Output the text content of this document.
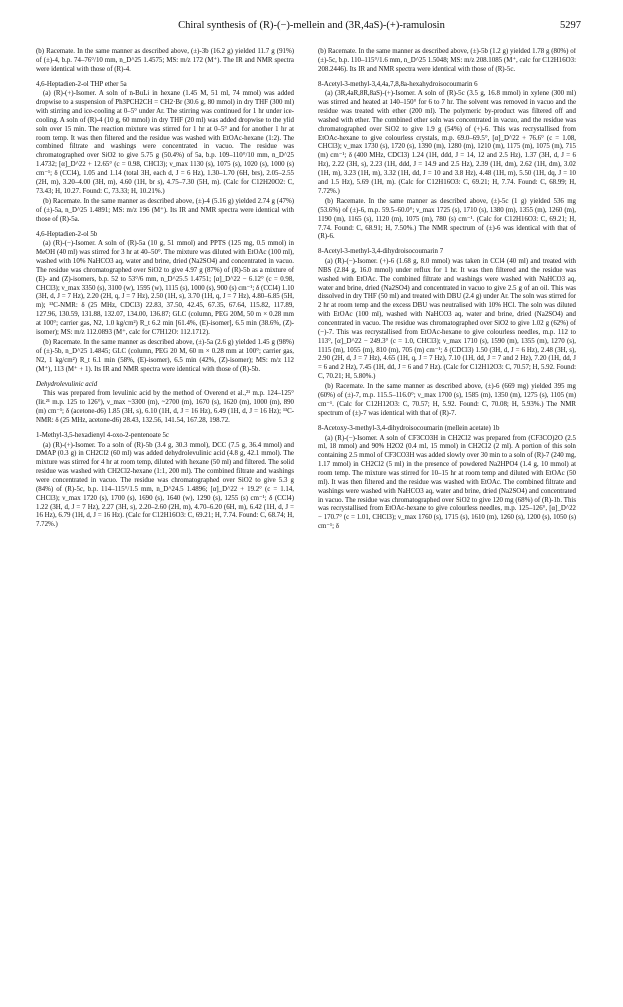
Chiral synthesis of (R)-(−)-mellein and (3R,4aS)-(+)-ramulosin	5297

(b) Racemate. In the same manner as described above, (±)-3b (16.2 g) yielded 11.7 g (91%) of (±)-4, b.p. 74–76°/10 mm, n_D^25 1.4575; MS: m/z 172 (M⁺). The IR and NMR spectra were identical with those of (R)-4.

4,6-Heptadien-2-ol THP ether 5a

(a) (R)-(+)-Isomer. A soln of n-BuLi in hexane (1.45 M, 51 ml, 74 mmol) was added dropwise to a suspension of Ph3PCH2CH = CH2·Br (30.6 g, 80 mmol) in dry THF (300 ml) with stirring and ice-cooling at 0–5° under Ar. The stirring was continued for 1 hr under ice-cooling. A soln of (R)-4 (10 g, 60 mmol) in dry THF (20 ml) was added dropwise to the ylid soln over 15 min. The reaction mixture was stirred for 1 hr at 0–5° and for another 1 hr at room temp. It was then filtered and the residue was washed with EtOAc-hexane (1:2). The combined filtrate and washings were concentrated in vacuo. The residue was chromatographed over SiO2 to give 5.75 g (50.4%) of 5a, b.p. 109–110°/10 mm, n_D^25 1.4732; [α]_D^22 + 12.65° (c = 0.98, CHCl3); ν_max 1130 (s), 1075 (s), 1020 (s), 1000 (s) cm⁻¹; δ (CCl4), 1.05 and 1.14 (total 3H, each d, J = 6 Hz), 1.30–1.70 (6H, brs), 2.05–2.55 (2H, m), 3.20–4.00 (3H, m), 4.60 (1H, br s), 4.75–7.30 (5H, m). (Calc for C12H20O2: C, 73.43; H, 10.27. Found: C, 73.33; H, 10.21%.)

(b) Racemate. In the same manner as described above, (±)-4 (5.16 g) yielded 2.74 g (47%) of (±)-5a, n_D^25 1.4891; MS: m/z 196 (M⁺). Its IR and NMR spectra were identical with those of (R)-5a.

4,6-Heptadien-2-ol 5b

(a) (R)-(−)-Isomer. A soln of (R)-5a (10 g, 51 mmol) and PPTS (125 mg, 0.5 mmol) in MeOH (40 ml) was stirred for 3 hr at 40–50°. The mixture was diluted with EtOAc (100 ml), washed with 10% NaHCO3 aq, water and brine, dried (Na2SO4) and concentrated in vacuo. The residue was chromatographed over SiO2 to give 4.97 g (87%) of (R)-5b as a mixture of (E)- and (Z)-isomers, b.p. 52 to 53°/6 mm, n_D^25.5 1.4751; [α]_D^22 − 6.12° (c = 0.98, CHCl3); ν_max 3350 (s), 3100 (w), 1595 (w), 1115 (s), 1000 (s), 900 (s) cm⁻¹; δ (CCl4) 1.10 (3H, d, J = 7 Hz), 2.20 (2H, q, J = 7 Hz), 2.50 (1H, s), 3.70 (1H, q, J = 7 Hz), 4.80–6.85 (5H, m); ¹³C-NMR: δ (25 MHz, CDCl3) 22.83, 37.50, 42.45, 67.35, 67.64, 115.82, 117.89, 127.96, 130.59, 131.88, 132.07, 134.00, 136.87; GLC (column, PEG 20M, 50 m × 0.28 mm at 100°; carrier gas, N2, 1.0 kg/cm²) R_t 6.2 min [61.4%, (E)-isomer], 6.5 min (38.6%, (Z)-isomer); MS: m/z 112.0893 (M⁺, calc for C7H12O: 112.1712).

(b) Racemate. In the same manner as described above, (±)-5a (2.6 g) yielded 1.45 g (98%) of (±)-5b, n_D^25 1.4845; GLC (column, PEG 20 M, 60 m × 0.28 mm at 100°; carrier gas, N2, 1 kg/cm²) R_t 6.1 min (58%, (E)-isomer), 6.5 min (42%, (Z)-isomer); MS: m/z 112 (M⁺), 113 (M⁺ + 1). Its IR and NMR spectra were identical with those of (R)-5b.

Dehydrolevulinic acid

This was prepared from levulinic acid by the method of Overend et al.,²¹ m.p. 124–125° (lit.²¹ m.p. 125 to 126°), ν_max ~3300 (m), ~2700 (m), 1670 (s), 1620 (m), 1000 (m), 890 (m) cm⁻¹; δ (acetone-d6) 1.85 (3H, s), 6.10 (1H, d, J = 16 Hz), 6.49 (1H, d, J = 16 Hz); ¹³C-NMR: δ (25 MHz, acetone-d6) 28.43, 132.56, 141.54, 167.28, 198.72.

1-Methyl-3,5-hexadienyl 4-oxo-2-pentenoate 5c

(a) (R)-(+)-Isomer. To a soln of (R)-5b (3.4 g, 30.3 mmol), DCC (7.5 g, 36.4 mmol) and DMAP (0.3 g) in CH2Cl2 (60 ml) was added dehydrolevulinic acid (4.8 g, 42.1 mmol). The mixture was stirred for 4 hr at room temp, diluted with hexane (50 ml) and filtered. The solid residue was washed with CH2Cl2-hexane (1:1, 200 ml). The combined filtrate and washings were concentrated in vacuo. The residue was chromatographed over SiO2 to give 5.3 g (84%) of (R)-5c, b.p. 114–115°/1.5 mm, n_D^24.5 1.4896; [α]_D^22 + 19.2° (c = 1.14, CHCl3); ν_max 1720 (s), 1700 (s), 1690 (s), 1640 (w), 1290 (s), 1255 (s) cm⁻¹; δ (CCl4) 1.22 (3H, d, J = 7 Hz), 2.27 (3H, s), 2.20–2.60 (2H, m), 4.70–6.20 (6H, m), 6.42 (1H, d, J = 16 Hz), 6.79 (1H, d, J = 16 Hz). (Calc for C12H16O3: C, 69.21; H, 7.74. Found: C, 68.74; H, 7.72%.)

(b) Racemate. In the same manner as described above, (±)-5b (1.2 g) yielded 1.78 g (80%) of (±)-5c, b.p. 110–115°/1.6 mm, n_D^25 1.5048; MS: m/z 208.1085 (M⁺, calc for C12H16O3: 208.2446). Its IR and NMR spectra were identical with those of (R)-5c.

8-Acetyl-3-methyl-3,4,4a,7,8,8a-hexahydroisocoumarin 6

(a) (3R,4aR,8R,8aS)-(+)-Isomer. A soln of (R)-5c (3.5 g, 16.8 mmol) in xylene (300 ml) was stirred and heated at 140–150° for 6 to 7 hr. The solvent was removed in vacuo and the residue was treated with ether (200 ml). The polymeric by-product was filtered off and washed with ether. The combined ether soln was concentrated in vacuo, and the residue was chromatographed over SiO2 to give 1.9 g (54%) of (+)-6. This was recrystallised from EtOAc-hexane to give colourless crystals, m.p. 69.0–69.5°, [α]_D^22 + 76.6° (c = 1.08, CHCl3); ν_max 1730 (s), 1720 (s), 1390 (m), 1280 (m), 1210 (m), 1175 (m), 1075 (m), 715 (m) cm⁻¹; δ (400 MHz, CDCl3) 1.24 (1H, ddd, J = 14, 12 and 2.5 Hz), 1.37 (3H, d, J = 6 Hz), 2.22 (3H, s), 2.23 (1H, ddd, J = 14.9 and 2.5 Hz), 2.39 (1H, dm), 2.62 (1H, dm), 3.02 (1H, m), 3.23 (1H, m), 3.32 (1H, dd, J = 10 and 3.8 Hz), 4.48 (1H, m), 5.50 (1H, dq, J = 10 and 1.5 Hz), 5.69 (1H, m). (Calc for C12H16O3: C, 69.21; H, 7.74. Found: C, 68.99; H, 7.72%.)

(b) Racemate. In the same manner as described above, (±)-5c (1 g) yielded 536 mg (53.6%) of (±)-6, m.p. 59.5–60.0°; ν_max 1725 (s), 1710 (s), 1380 (m), 1355 (m), 1260 (m), 1190 (m), 1165 (s), 1120 (m), 1075 (m), 780 (s) cm⁻¹. (Calc for C12H16O3: C, 69.21; H, 7.74. Found: C, 68.91; H, 7.50%.) The NMR spectrum of (±)-6 was identical with that of (R)-6.

8-Acetyl-3-methyl-3,4-dihydroisocoumarin 7

(a) (R)-(−)-Isomer. (+)-6 (1.68 g, 8.0 mmol) was taken in CCl4 (40 ml) and treated with NBS (2.84 g, 16.0 mmol) under reflux for 1 hr. It was then filtered and the residue was washed with EtOAc. The combined filtrate and washings were washed with NaHCO3 aq, water and brine, dried (Na2SO4) and concentrated in vacuo to give 2.5 g of an oil. This was dissolved in dry THF (50 ml) and treated with DBU (2.4 g) under Ar. The soln was stirred for 2 hr at room temp and the excess DBU was neutralised with 10% HCl. The soln was diluted with EtOAc (100 ml), washed with NaHCO3 aq, water and brine, dried (Na2SO4) and concentrated in vacuo. The residue was chromatographed over SiO2 to give 1.02 g (62%) of (−)-7. This was recrystallised from EtOAc-hexane to give colourless needles, m.p. 112 to 113°, [α]_D^22 − 249.3° (c = 1.0, CHCl3); ν_max 1710 (s), 1590 (m), 1355 (m), 1270 (s), 1115 (m), 1055 (m), 810 (m), 705 (m) cm⁻¹; δ (CDCl3) 1.50 (3H, d, J = 6 Hz), 2.48 (3H, s), 2.90 (2H, d, J = 7 Hz), 4.65 (1H, q, J = 7 Hz), 7.10 (1H, dd, J = 7 and 2 Hz), 7.20 (1H, dd, J = 6 and 2 Hz), 7.45 (1H, dd, J = 6 and 7 Hz). (Calc for C12H12O3: C, 70.57; H, 5.92. Found: C, 70.21; H, 5.80%.)

(b) Racemate. In the same manner as described above, (±)-6 (669 mg) yielded 395 mg (60%) of (±)-7, m.p. 115.5–116.0°; ν_max 1700 (s), 1585 (m), 1350 (m), 1275 (s), 1105 (m) cm⁻¹. (Calc for C12H12O3: C, 70.57; H, 5.92. Found: C, 70.08; H, 5.93%.) The NMR spectrum of (±)-7 was identical with that of (R)-7.

8-Acetoxy-3-methyl-3,4-dihydroisocoumarin (mellein acetate) 1b

(a) (R)-(−)-Isomer. A soln of CF3CO3H in CH2Cl2 was prepared from (CF3CO)2O (2.5 ml, 18 mmol) and 90% H2O2 (0.4 ml, 15 mmol) in CH2Cl2 (2 ml). A portion of this soln containing 2.5 mmol of CF3CO3H was added slowly over 30 min to a soln of (R)-7 (240 mg, 1.17 mmol) in CH2Cl2 (5 ml) in the presence of powdered Na2HPO4 (1.4 g, 10 mmol) at room temp. The mixture was stirred for 10–15 hr at room temp and diluted with EtOAc (50 ml). It was then filtered and the residue was washed with EtOAc. The combined filtrate and washings were washed with NaHCO3 aq, water and brine, dried (Na2SO4) and concentrated in vacuo. The residue was chromatographed over SiO2 to give 120 mg (68%) of (R)-1b. This was recrystallised from EtOAc-hexane to give colourless needles, m.p. 125–126°, [α]_D^22 − 170.7° (c = 1.01, CHCl3); ν_max 1760 (s), 1715 (s), 1610 (m), 1260 (s), 1200 (s), 1050 (s) cm⁻¹; δ
